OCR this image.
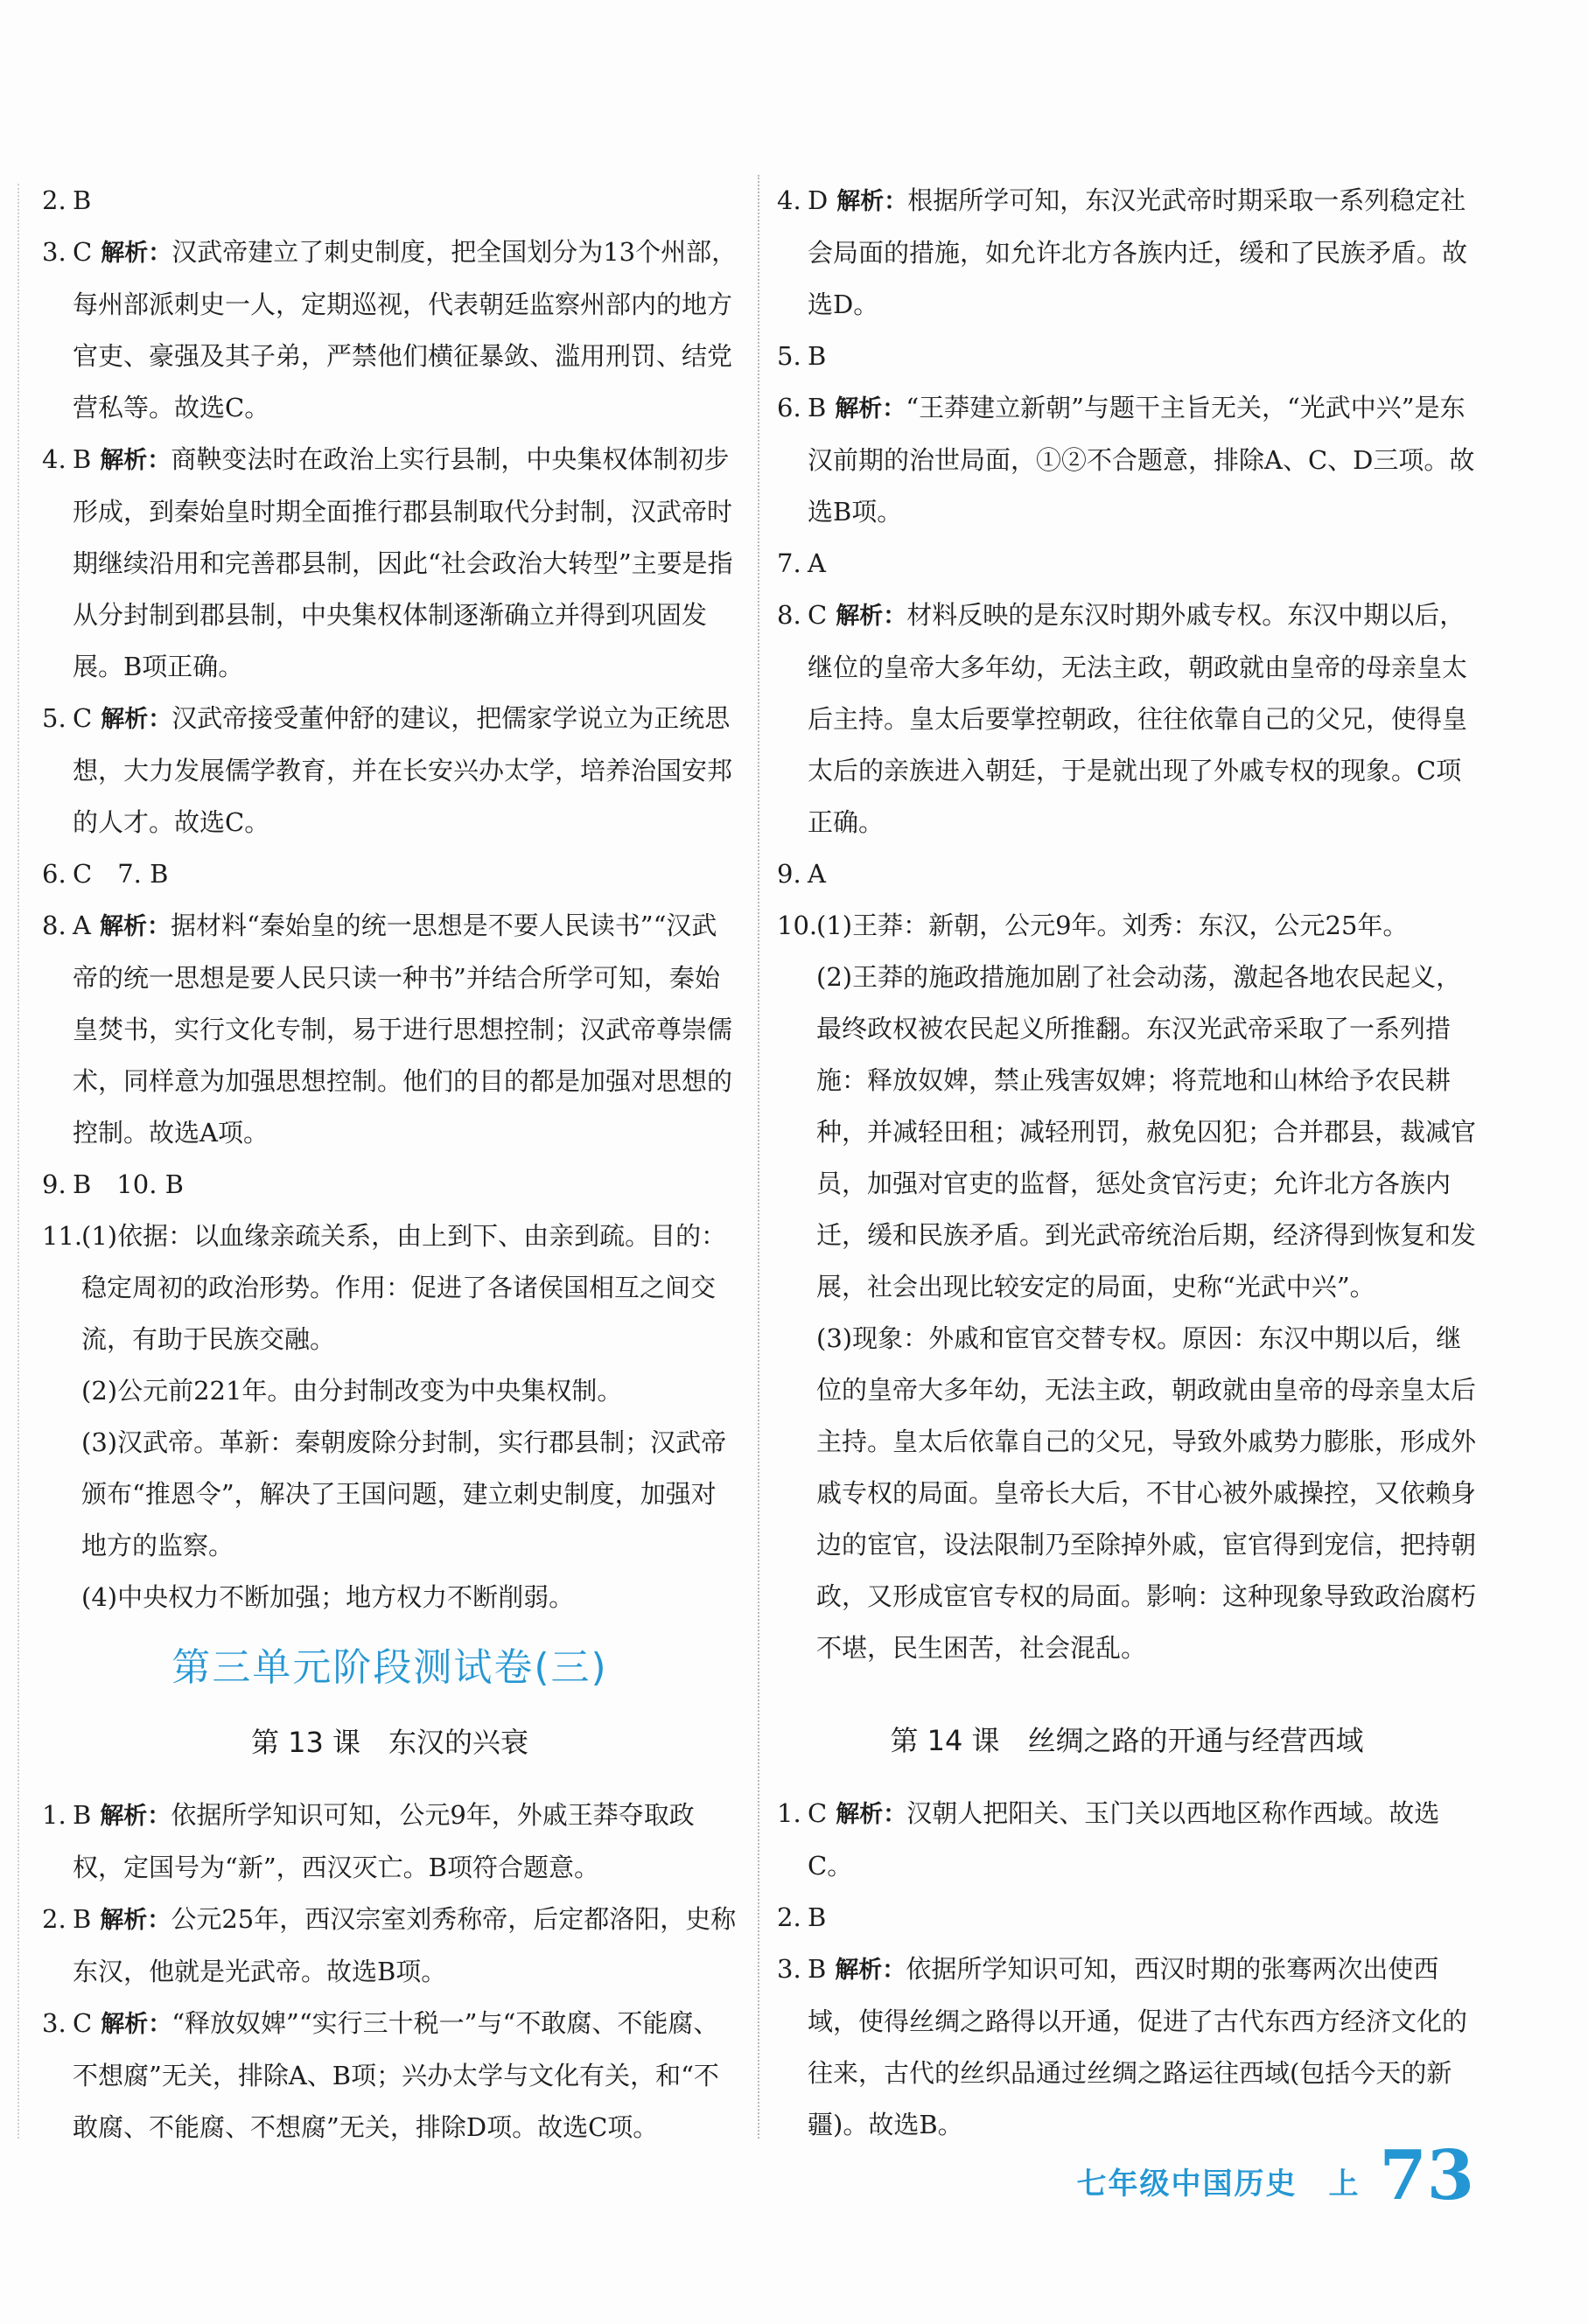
2. B
3. C 解析：汉武帝建立了刺史制度，把全国划分为13个州部，每州部派刺史一人，定期巡视，代表朝廷监察州部内的地方官吏、豪强及其子弟，严禁他们横征暴敛、滥用刑罚、结党营私等。故选C。
4. B 解析：商鞅变法时在政治上实行县制，中央集权体制初步形成，到秦始皇时期全面推行郡县制取代分封制，汉武帝时期继续沿用和完善郡县制，因此“社会政治大转型”主要是指从分封制到郡县制，中央集权体制逐渐确立并得到巩固发展。B项正确。
5. C 解析：汉武帝接受董仲舒的建议，把儒家学说立为正统思想，大力发展儒学教育，并在长安兴办太学，培养治国安邦的人才。故选C。
6. C　7. B
8. A 解析：据材料“秦始皇的统一思想是不要人民读书”“汉武帝的统一思想是要人民只读一种书”并结合所学可知，秦始皇焚书，实行文化专制，易于进行思想控制；汉武帝尊崇儒术，同样意为加强思想控制。他们的目的都是加强对思想的控制。故选A项。
9. B　10. B
11.
(1)依据：以血缘亲疏关系，由上到下、由亲到疏。目的：稳定周初的政治形势。作用：促进了各诸侯国相互之间交流，有助于民族交融。
(2)公元前221年。由分封制改变为中央集权制。
(3)汉武帝。革新：秦朝废除分封制，实行郡县制；汉武帝颁布“推恩令”，解决了王国问题，建立刺史制度，加强对地方的监察。
(4)中央权力不断加强；地方权力不断削弱。
第三单元阶段测试卷(三)
第 13 课　东汉的兴衰
1. B 解析：依据所学知识可知，公元9年，外戚王莽夺取政权，定国号为“新”，西汉灭亡。B项符合题意。
2. B 解析：公元25年，西汉宗室刘秀称帝，后定都洛阳，史称东汉，他就是光武帝。故选B项。
3. C 解析：“释放奴婢”“实行三十税一”与“不敢腐、不能腐、不想腐”无关，排除A、B项；兴办太学与文化有关，和“不敢腐、不能腐、不想腐”无关，排除D项。故选C项。
4. D 解析：根据所学可知，东汉光武帝时期采取一系列稳定社会局面的措施，如允许北方各族内迁，缓和了民族矛盾。故选D。
5. B
6. B 解析：“王莽建立新朝”与题干主旨无关，“光武中兴”是东汉前期的治世局面，①②不合题意，排除A、C、D三项。故选B项。
7. A
8. C 解析：材料反映的是东汉时期外戚专权。东汉中期以后，继位的皇帝大多年幼，无法主政，朝政就由皇帝的母亲皇太后主持。皇太后要掌控朝政，往往依靠自己的父兄，使得皇太后的亲族进入朝廷，于是就出现了外戚专权的现象。C项正确。
9. A
10.
(1)王莽：新朝，公元9年。刘秀：东汉，公元25年。
(2)王莽的施政措施加剧了社会动荡，激起各地农民起义，最终政权被农民起义所推翻。东汉光武帝采取了一系列措施：释放奴婢，禁止残害奴婢；将荒地和山林给予农民耕种，并减轻田租；减轻刑罚，赦免囚犯；合并郡县，裁减官员，加强对官吏的监督，惩处贪官污吏；允许北方各族内迁，缓和民族矛盾。到光武帝统治后期，经济得到恢复和发展，社会出现比较安定的局面，史称“光武中兴”。
(3)现象：外戚和宦官交替专权。原因：东汉中期以后，继位的皇帝大多年幼，无法主政，朝政就由皇帝的母亲皇太后主持。皇太后依靠自己的父兄，导致外戚势力膨胀，形成外戚专权的局面。皇帝长大后，不甘心被外戚操控，又依赖身边的宦官，设法限制乃至除掉外戚，宦官得到宠信，把持朝政，又形成宦官专权的局面。影响：这种现象导致政治腐朽不堪，民生困苦，社会混乱。
第 14 课　丝绸之路的开通与经营西域
1. C 解析：汉朝人把阳关、玉门关以西地区称作西域。故选C。
2. B
3. B 解析：依据所学知识可知，西汉时期的张骞两次出使西域，使得丝绸之路得以开通，促进了古代东西方经济文化的往来，古代的丝织品通过丝绸之路运往西域(包括今天的新疆)。故选B。
七年级中国历史　上 73
